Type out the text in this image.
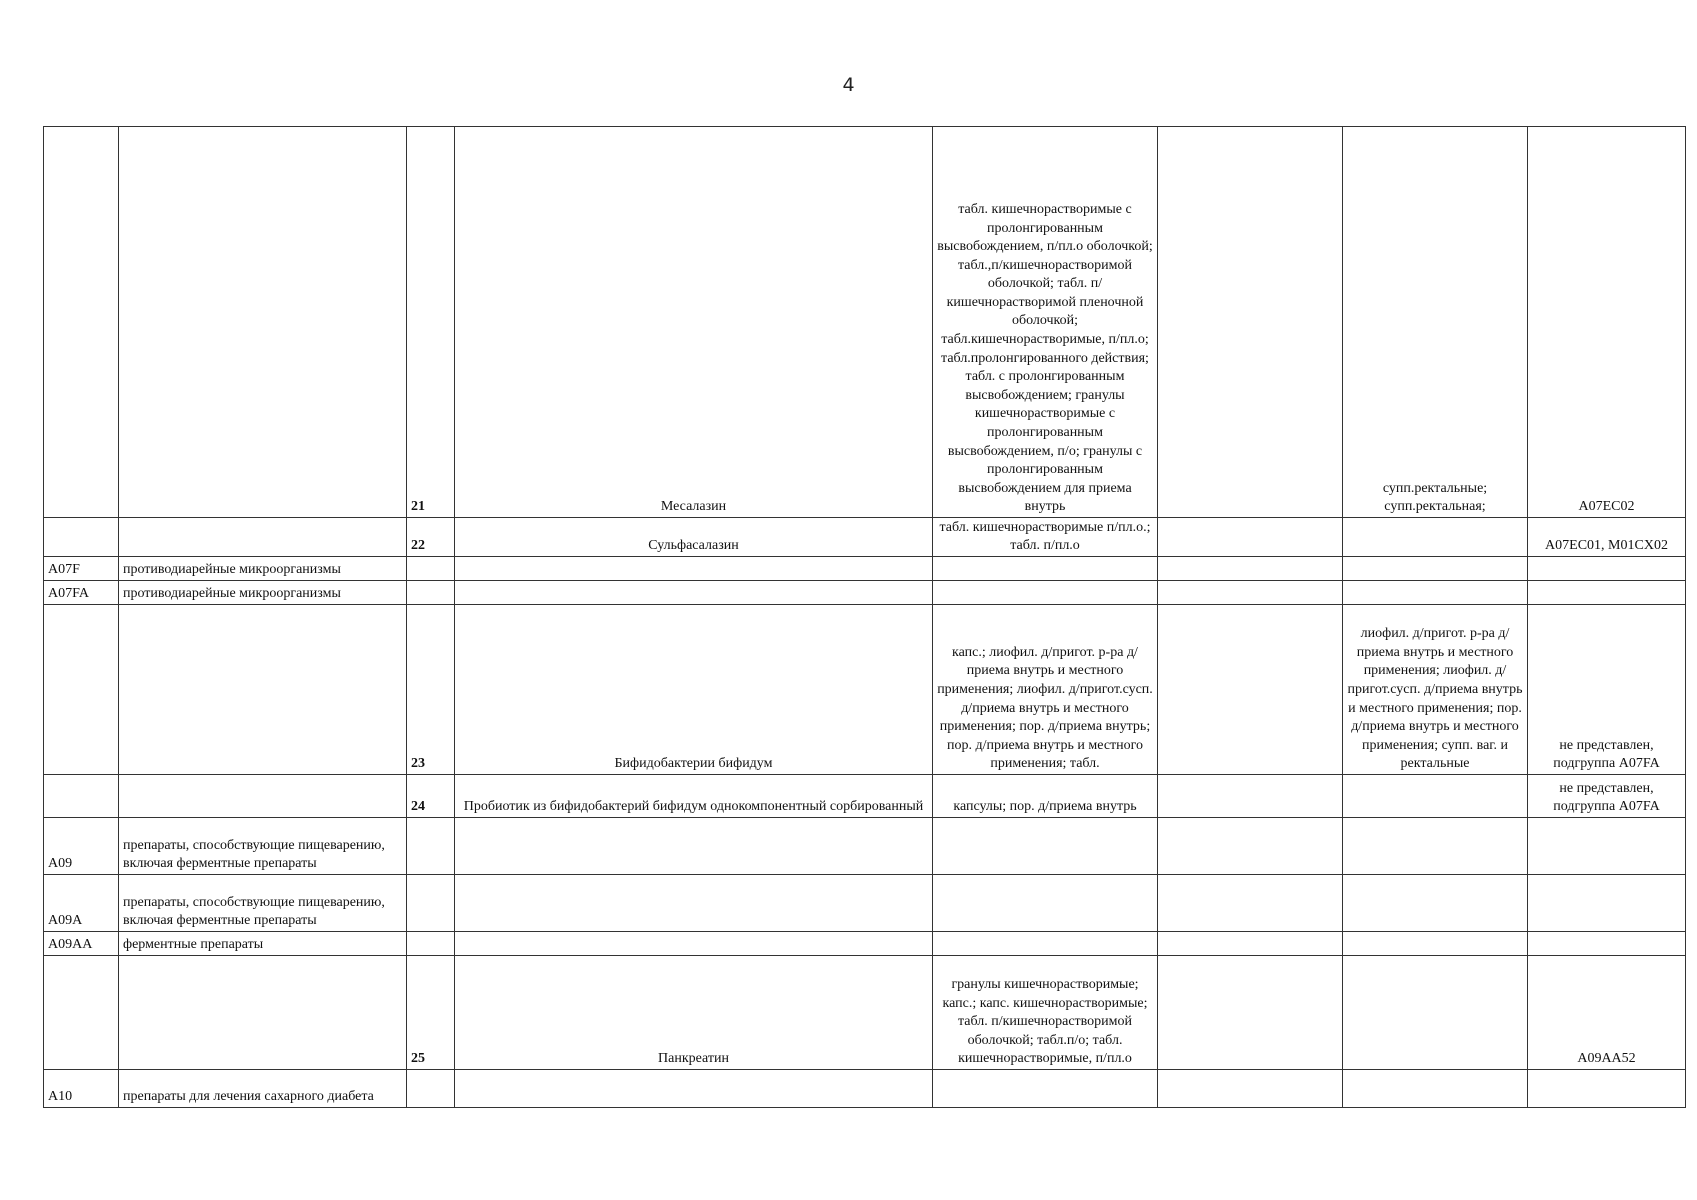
4
		21	Месалазин	табл. кишечнорастворимые с пролонгированным высвобождением, п/пл.о оболочкой; табл.,п/кишечнорастворимой оболочкой; табл. п/кишечнорастворимой пленочной оболочкой; табл.кишечнорастворимые, п/пл.о; табл.пролонгированного действия; табл. с пролонгированным высвобождением; гранулы кишечнорастворимые с пролонгированным высвобождением, п/о; гранулы с пролонгированным высвобождением для приема внутрь		супп.ректальные; супп.ректальная;	A07EC02
		22	Сульфасалазин	табл. кишечнорастворимые п/пл.о.; табл. п/пл.о			A07EC01, M01CX02
A07F	противодиарейные микроорганизмы						
A07FA	противодиарейные микроорганизмы						
		23	Бифидобактерии бифидум	капс.; лиофил. д/пригот. р-ра д/приема внутрь и местного применения; лиофил. д/пригот.сусп. д/приема внутрь и местного применения; пор. д/приема внутрь; пор. д/приема внутрь и местного применения; табл.		лиофил. д/пригот. р-ра д/приема внутрь и местного применения; лиофил. д/пригот.сусп. д/приема внутрь и местного применения; пор. д/приема внутрь и местного применения; супп. ваг. и ректальные	не представлен, подгруппа A07FA
		24	Пробиотик из бифидобактерий бифидум однокомпонентный сорбированный	капсулы; пор. д/приема внутрь			не представлен, подгруппа A07FA
A09	препараты, способствующие пищеварению, включая ферментные препараты						
A09A	препараты, способствующие пищеварению, включая ферментные препараты						
A09AA	ферментные препараты						
		25	Панкреатин	гранулы кишечнорастворимые; капс.; капс. кишечнорастворимые; табл. п/кишечнорастворимой оболочкой; табл.п/о; табл. кишечнорастворимые, п/пл.о			A09AA52
A10	препараты для лечения сахарного диабета						
